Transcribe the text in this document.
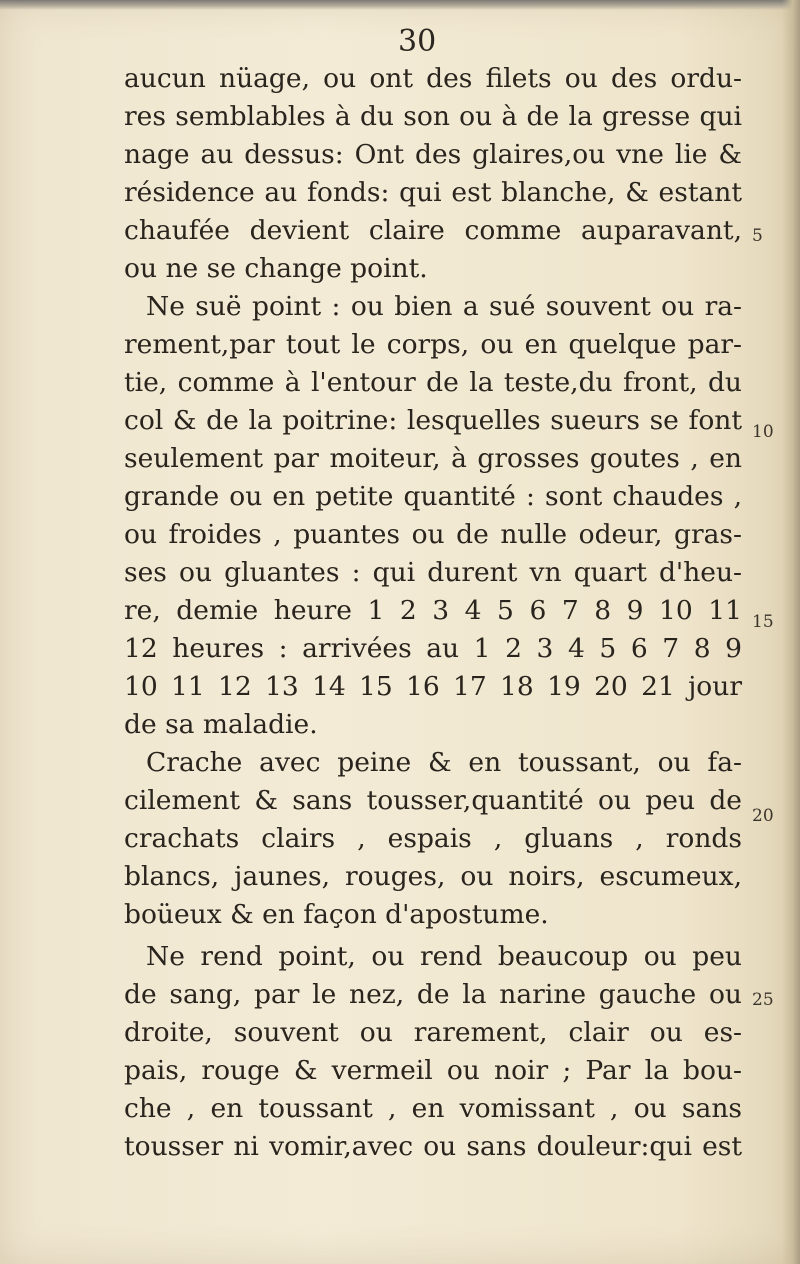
30
aucun nüage, ou ont des filets ou des ordu-
res semblables à du son ou à de la gresse qui
nage au dessus: Ont des glaires,ou vne lie &
résidence au fonds: qui est blanche, & estant
chaufée devient claire comme auparavant,
ou ne se change point.
Ne suë point : ou bien a sué souvent ou ra-
rement,par tout le corps, ou en quelque par-
tie, comme à l'entour de la teste,du front, du
col & de la poitrine: lesquelles sueurs se font
seulement par moiteur, à grosses goutes , en
grande ou en petite quantité : sont chaudes ,
ou froides , puantes ou de nulle odeur, gras-
ses ou gluantes : qui durent vn quart d'heu-
re, demie heure 1 2 3 4 5 6 7 8 9 10 11
12 heures : arrivées au 1 2 3 4 5 6 7 8 9
10 11 12 13 14 15 16 17 18 19 20 21 jour
de sa maladie.
Crache avec peine & en toussant, ou fa-
cilement & sans tousser,quantité ou peu de
crachats clairs , espais , gluans , ronds
blancs, jaunes, rouges, ou noirs, escumeux,
boüeux & en façon d'apostume.
Ne rend point, ou rend beaucoup ou peu
de sang, par le nez, de la narine gauche ou
droite, souvent ou rarement, clair ou es-
pais, rouge & vermeil ou noir ; Par la bou-
che , en toussant , en vomissant , ou sans
tousser ni vomir,avec ou sans douleur:qui est
5
10
15
20
25
